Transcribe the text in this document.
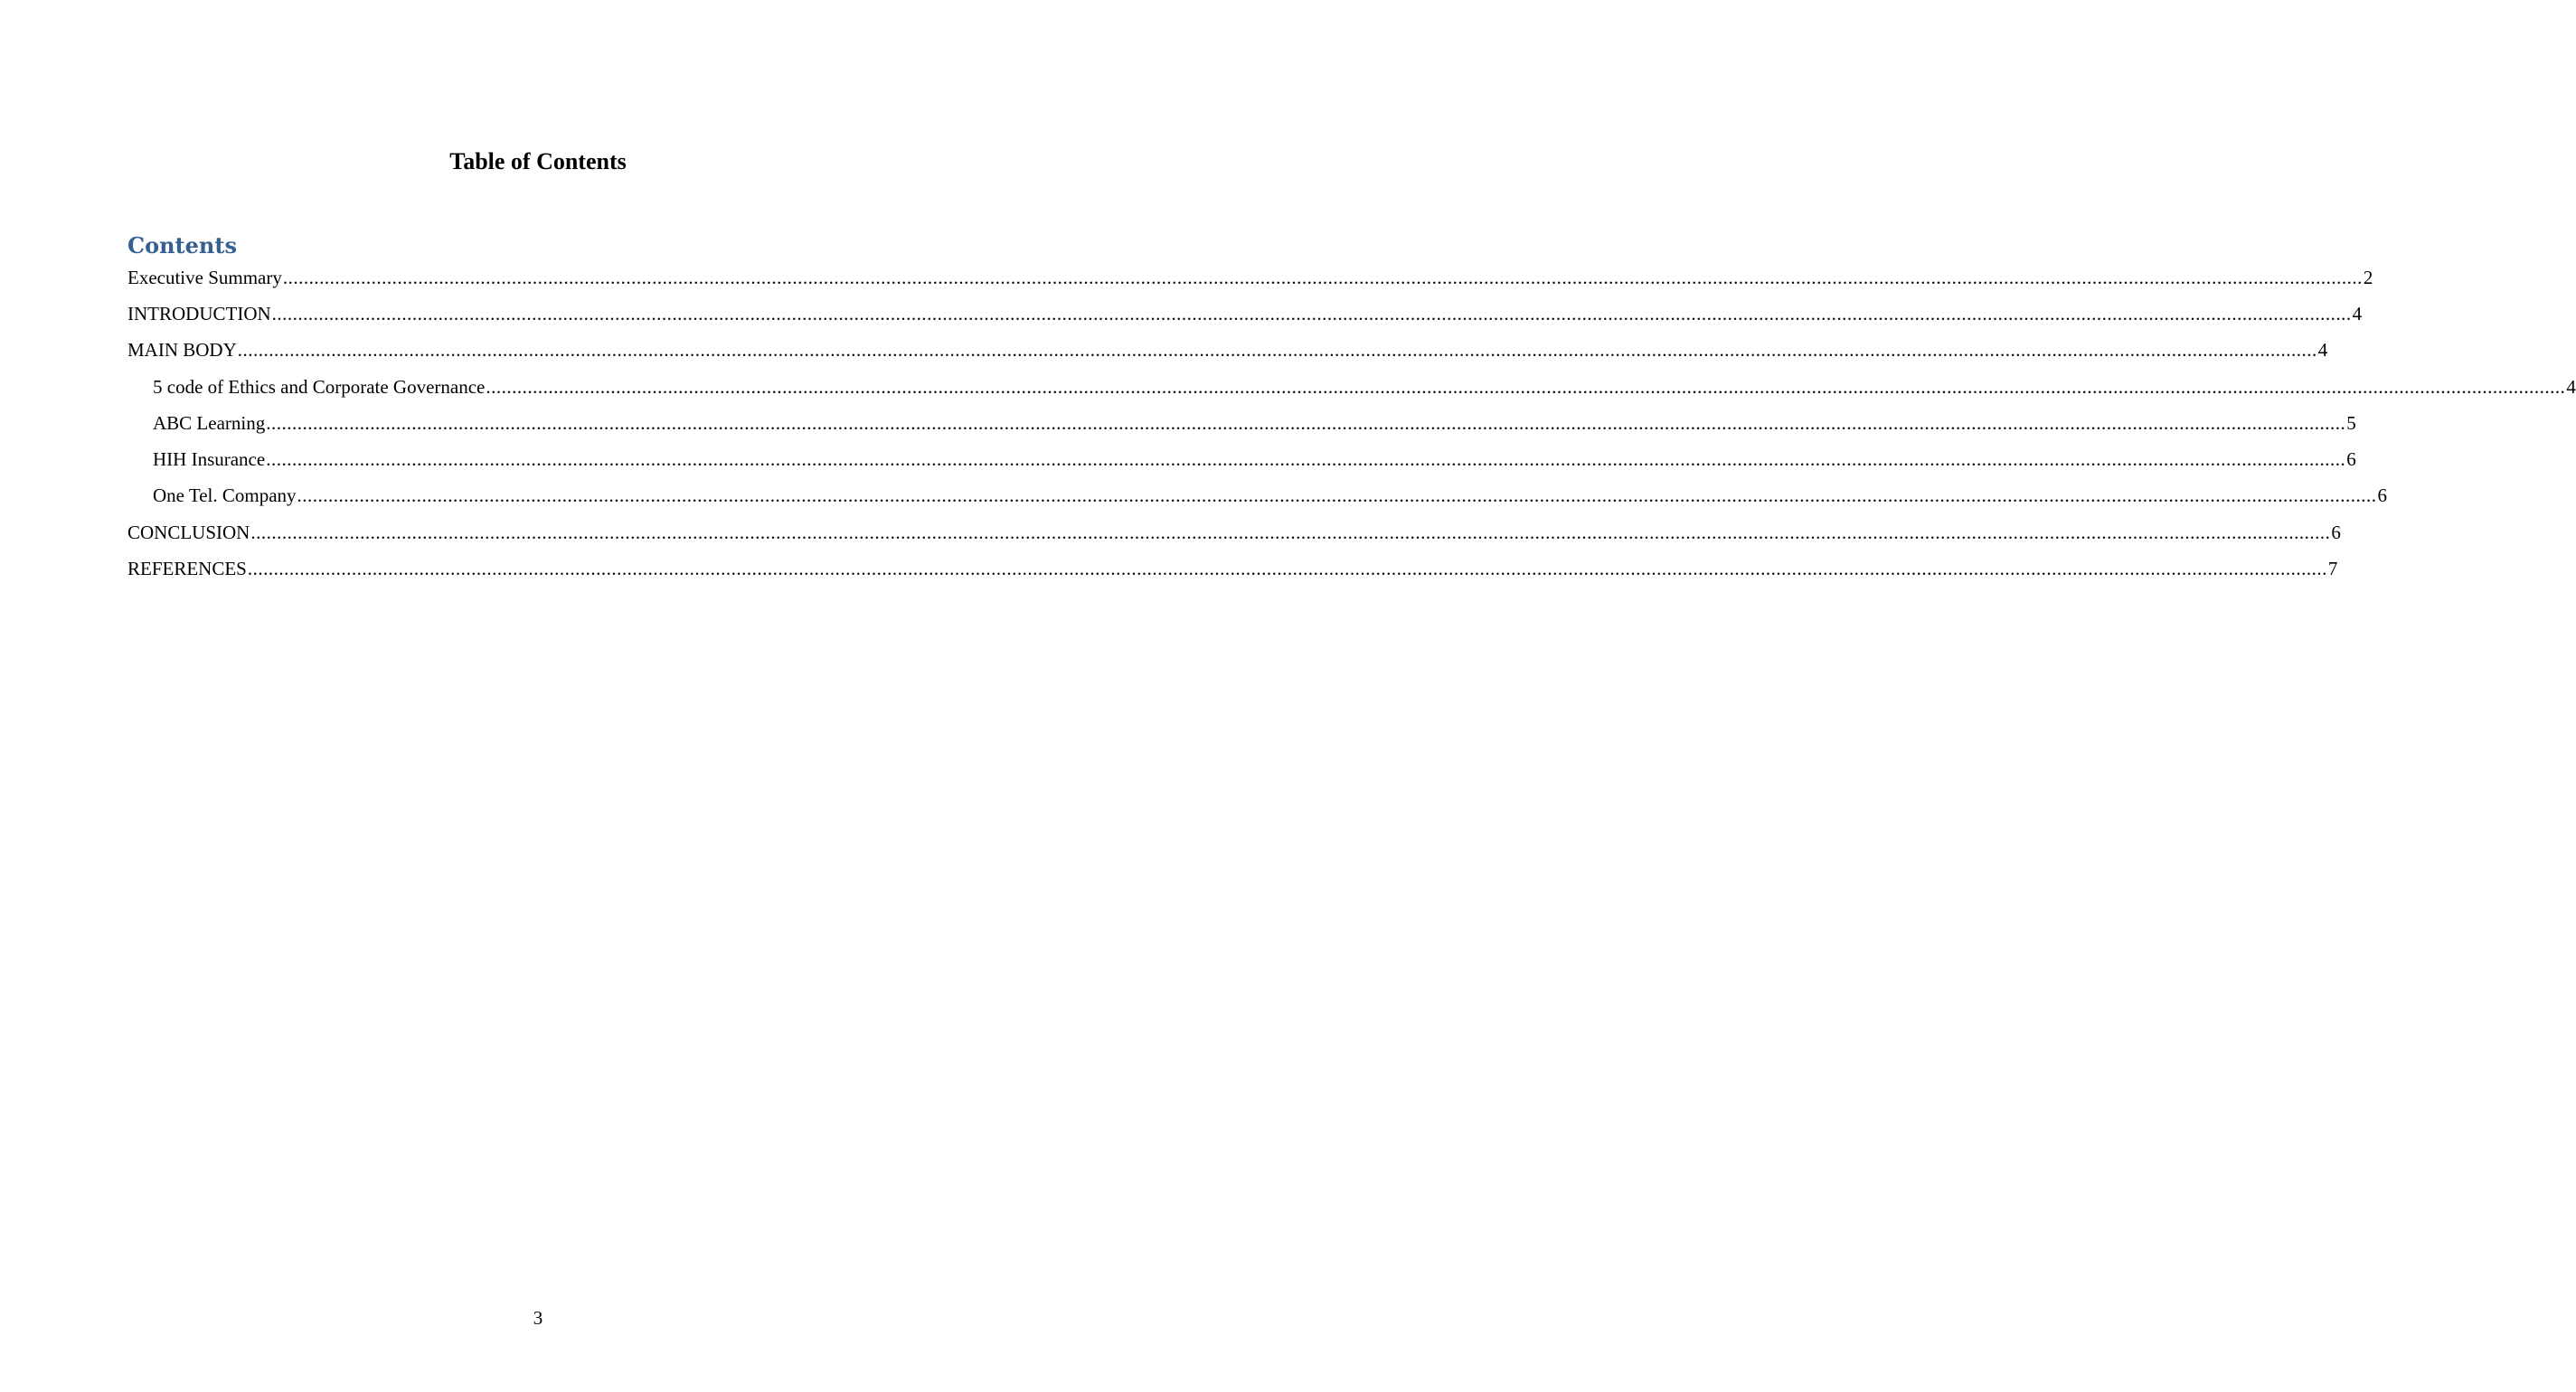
Table of Contents
Contents
Executive Summary ................................................................................................................................................................................................................................................................................................................................................................................................................ 2
INTRODUCTION ................................................................................................................................................................................................................................................................................................................................................................................................................ 4
MAIN BODY ................................................................................................................................................................................................................................................................................................................................................................................................................ 4
5 code of Ethics and Corporate Governance ................................................................................................................................................................................................................................................................................................................................................................................................................ 4
ABC Learning ................................................................................................................................................................................................................................................................................................................................................................................................................ 5
HIH Insurance ................................................................................................................................................................................................................................................................................................................................................................................................................ 6
One Tel. Company ................................................................................................................................................................................................................................................................................................................................................................................................................ 6
CONCLUSION ................................................................................................................................................................................................................................................................................................................................................................................................................ 6
REFERENCES ................................................................................................................................................................................................................................................................................................................................................................................................................ 7
3
